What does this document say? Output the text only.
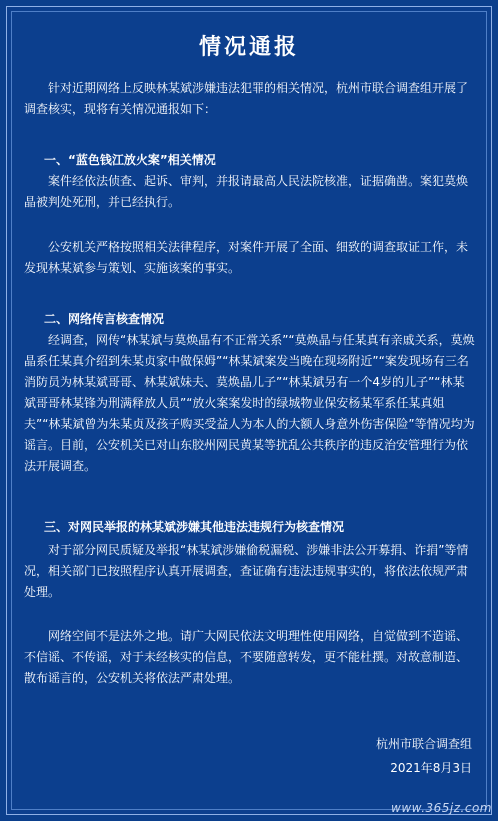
情况通报
针对近期网络上反映林某斌涉嫌违法犯罪的相关情况，杭州市联合调查组开展了调查核实，现将有关情况通报如下：
一、“蓝色钱江放火案”相关情况
案件经依法侦查、起诉、审判，并报请最高人民法院核准，证据确凿。案犯莫焕晶被判处死刑，并已经执行。
公安机关严格按照相关法律程序，对案件开展了全面、细致的调查取证工作，未发现林某斌参与策划、实施该案的事实。
二、网络传言核查情况
经调查，网传“林某斌与莫焕晶有不正常关系”“莫焕晶与任某真有亲戚关系，莫焕晶系任某真介绍到朱某贞家中做保姆”“林某斌案发当晚在现场附近”“案发现场有三名消防员为林某斌哥哥、林某斌妹夫、莫焕晶儿子”“林某斌另有一个4岁的儿子”“林某斌哥哥林某锋为刑满释放人员”“放火案案发时的绿城物业保安杨某军系任某真姐夫”“林某斌曾为朱某贞及孩子购买受益人为本人的大额人身意外伤害保险”等情况均为谣言。目前，公安机关已对山东胶州网民黄某等扰乱公共秩序的违反治安管理行为依法开展调查。
三、对网民举报的林某斌涉嫌其他违法违规行为核查情况
对于部分网民质疑及举报“林某斌涉嫌偷税漏税、涉嫌非法公开募捐、诈捐”等情况，相关部门已按照程序认真开展调查，查证确有违法违规事实的，将依法依规严肃处理。
网络空间不是法外之地。请广大网民依法文明理性使用网络，自觉做到不造谣、不信谣、不传谣，对于未经核实的信息，不要随意转发，更不能杜撰。对故意制造、散布谣言的，公安机关将依法严肃处理。
杭州市联合调查组
2021年8月3日
www.365jz.com
